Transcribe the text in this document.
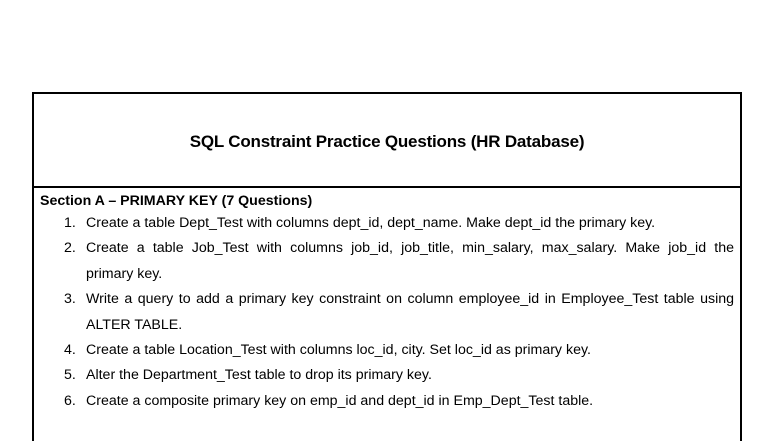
SQL Constraint Practice Questions (HR Database)
Section A – PRIMARY KEY (7 Questions)
1. Create a table Dept_Test with columns dept_id, dept_name. Make dept_id the primary key.
2. Create a table Job_Test with columns job_id, job_title, min_salary, max_salary. Make job_id the primary key.
3. Write a query to add a primary key constraint on column employee_id in Employee_Test table using ALTER TABLE.
4. Create a table Location_Test with columns loc_id, city. Set loc_id as primary key.
5. Alter the Department_Test table to drop its primary key.
6. Create a composite primary key on emp_id and dept_id in Emp_Dept_Test table.
